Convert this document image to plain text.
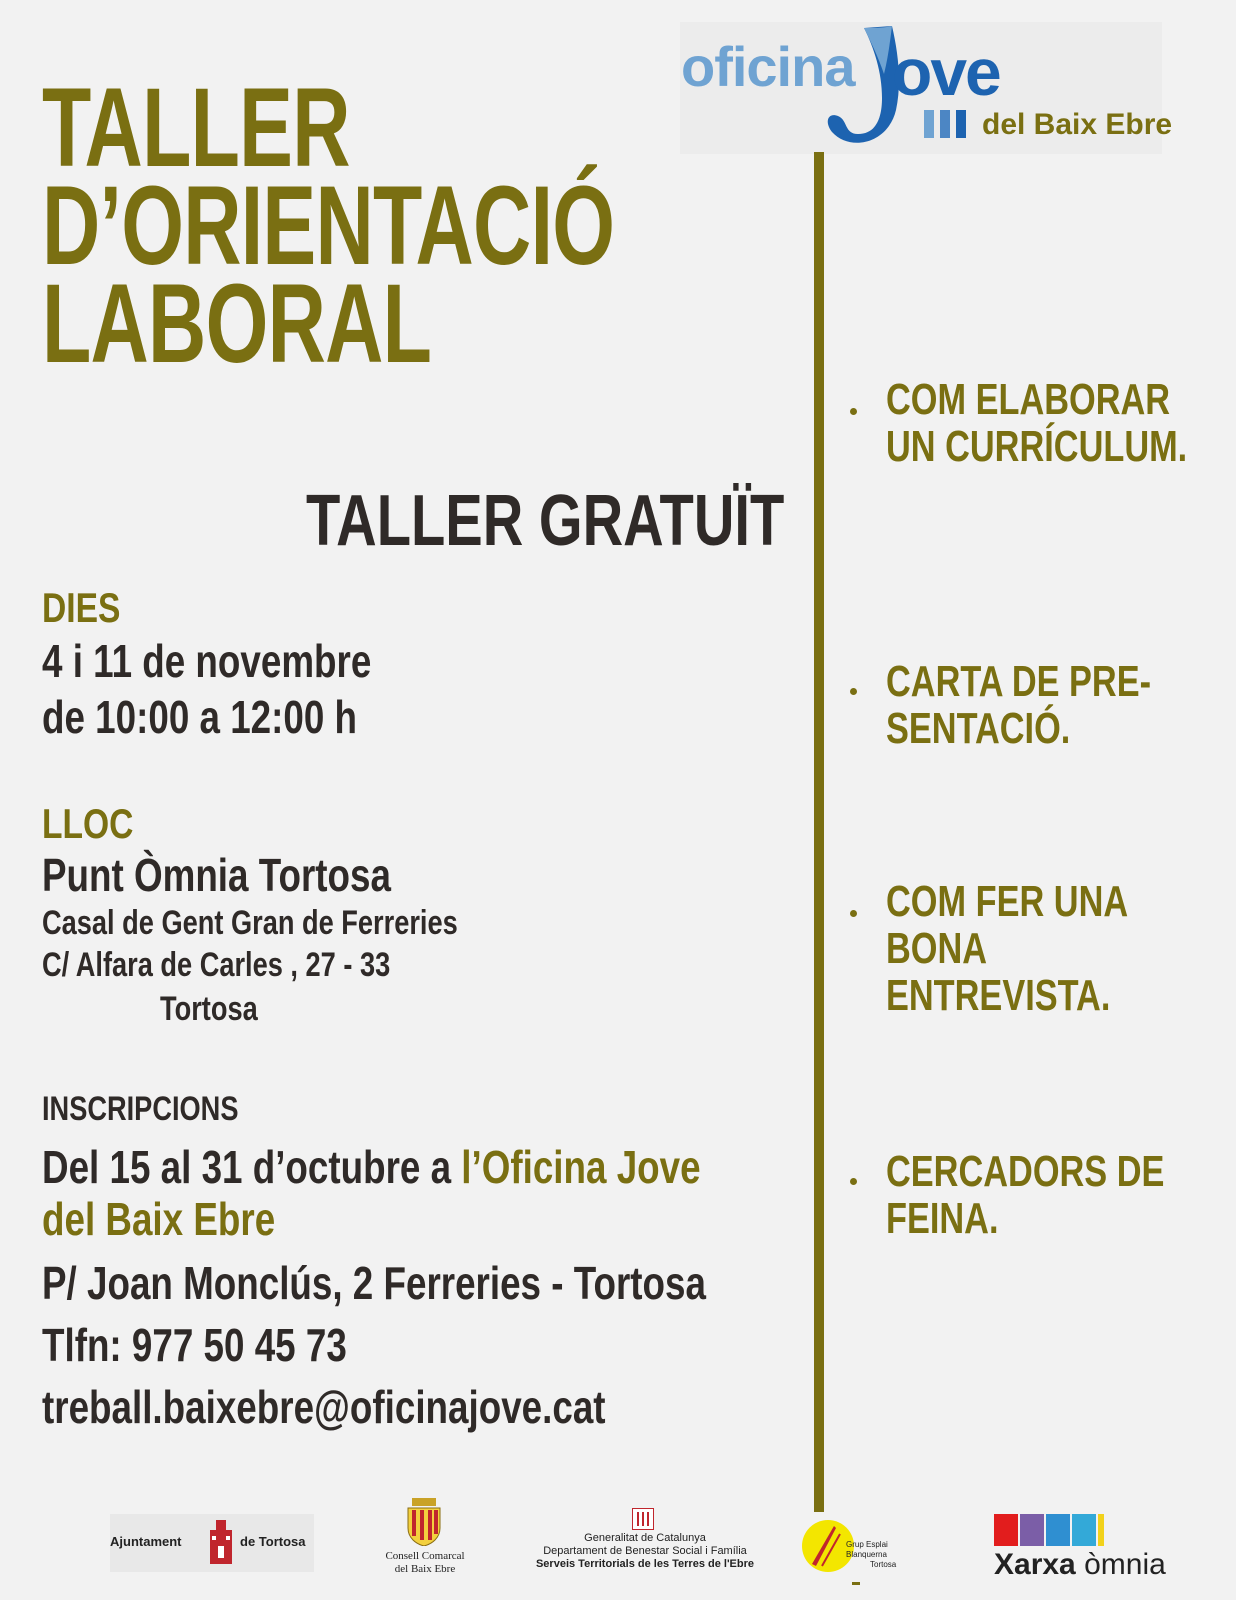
TALLER
D’ORIENTACIÓ
LABORAL
oficina ove
del Baix Ebre
TALLER GRATUÏT
DIES
4 i 11 de novembre
de 10:00 a 12:00 h
LLOC
Punt Òmnia Tortosa
Casal de Gent Gran de Ferreries
C/ Alfara de Carles , 27 - 33
Tortosa
INSCRIPCIONS
Del 15 al 31 d’octubre a l’Oficina Jove
del Baix Ebre
P/ Joan Monclús, 2 Ferreries - Tortosa
Tlfn: 977 50 45 73
treball.baixebre@oficinajove.cat
COM ELABORAR
UN CURRÍCULUM.
CARTA DE PRE-
SENTACIÓ.
COM FER UNA
BONA
ENTREVISTA.
CERCADORS DE
FEINA.
Ajuntament	de Tortosa
Consell Comarcal
del Baix Ebre
Generalitat de Catalunya
Departament de Benestar Social i Família
Serveis Territorials de les Terres de l'Ebre
Grup Esplai Blanquerna
Tortosa	Xarxa òmnia
